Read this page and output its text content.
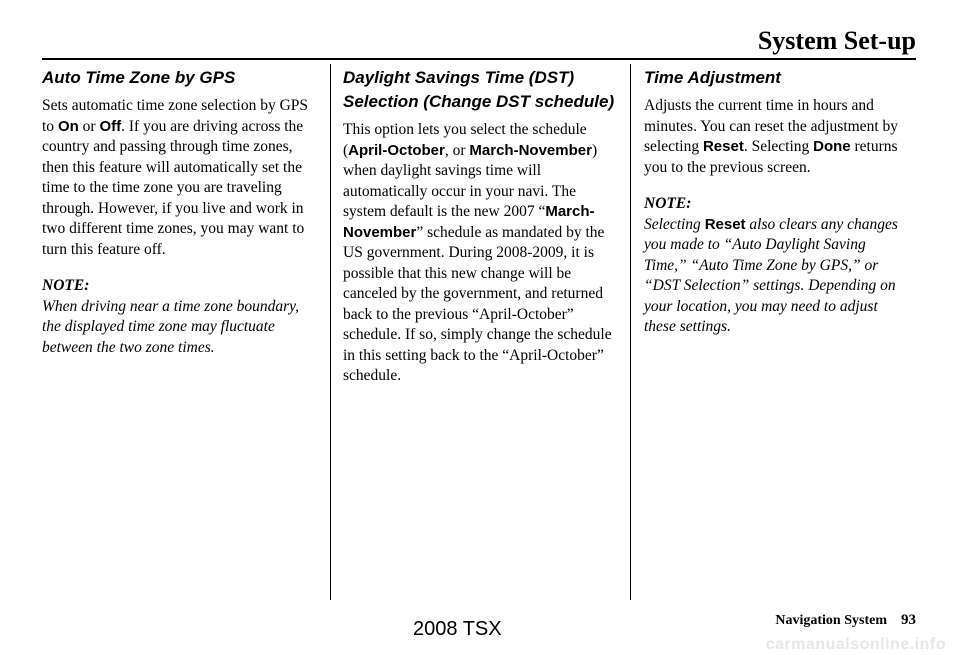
System Set-up
Auto Time Zone by GPS

Sets automatic time zone selection by GPS to On or Off. If you are driving across the country and passing through time zones, then this feature will automatically set the time to the time zone you are traveling through. However, if you live and work in two different time zones, you may want to turn this feature off.

NOTE:

When driving near a time zone boundary, the displayed time zone may fluctuate between the two zone times.

Daylight Savings Time (DST) Selection (Change DST schedule)

This option lets you select the schedule (April-October, or March-November) when daylight savings time will automatically occur in your navi. The system default is the new 2007 “March-November” schedule as mandated by the US government. During 2008-2009, it is possible that this new change will be canceled by the government, and returned back to the previous “April-October” schedule. If so, simply change the schedule in this setting back to the “April-October” schedule.

Time Adjustment

Adjusts the current time in hours and minutes. You can reset the adjustment by selecting Reset. Selecting Done returns you to the previous screen.

NOTE:

Selecting Reset also clears any changes you made to “Auto Daylight Saving Time,” “Auto Time Zone by GPS,” or “DST Selection” settings. Depending on your location, you may need to adjust these settings.

Navigation System 93
2008 TSX
carmanualsonline.info
